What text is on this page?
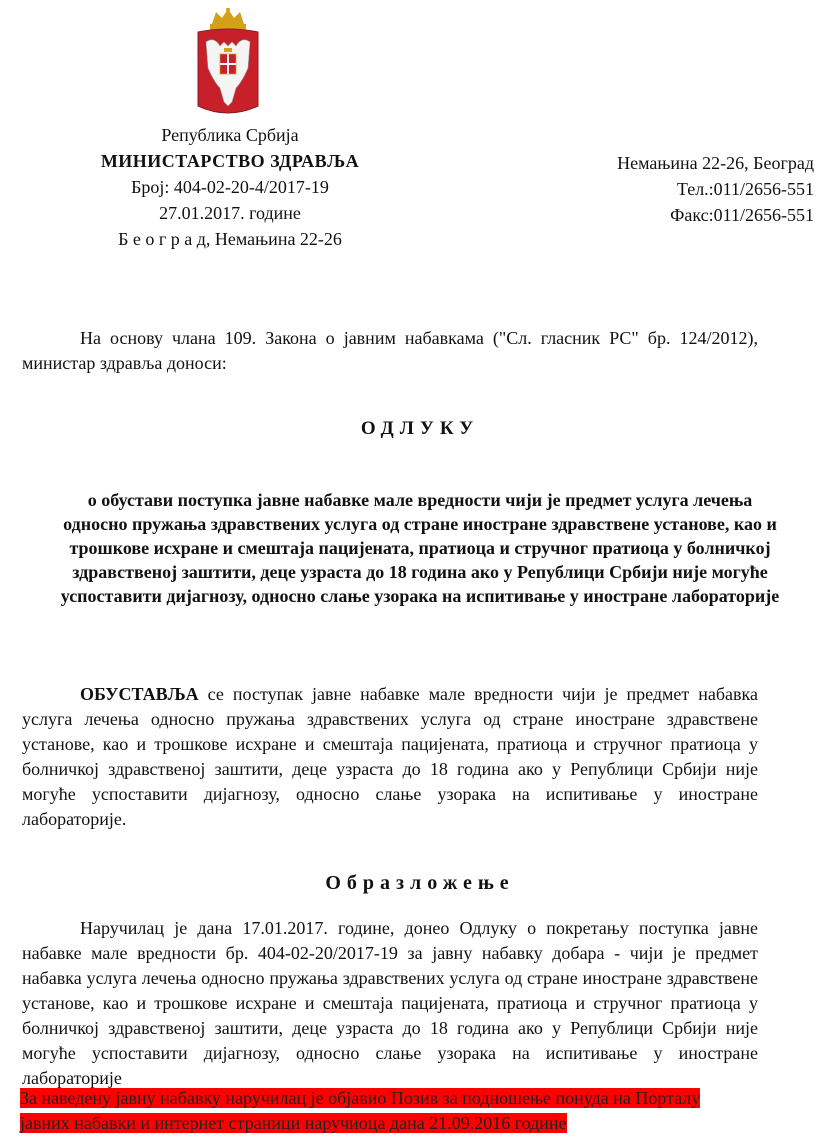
Република Србија
МИНИСТАРСТВО ЗДРАВЉА
Број: 404-02-20-4/2017-19
27.01.2017. године
Б е о г р а д, Немањина 22-26
Немањина 22-26, Београд
Тел.:011/2656-551
Факс:011/2656-551

На основу члана 109. Закона о јавним набавкама ("Сл. гласник РС" бр. 124/2012), министар здравља доноси:

ОДЛУКУ
о обустави поступка јавне набавке мале вредности чији је предмет услуга лечења односно пружања здравствених услуга од стране иностране здравствене установе, као и трошкове исхране и смештаја пацијената, пратиоца и стручног пратиоца у болничкој здравственој заштити, деце узраста до 18 година ако у Републици Србији није могуће успоставити дијагнозу, односно слање узорака на испитивање у иностране лабораторије

ОБУСТАВЉА се поступак јавне набавке мале вредности чији је предмет набавка услуга лечења односно пружања здравствених услуга од стране иностране здравствене установе, као и трошкове исхране и смештаја пацијената, пратиоца и стручног пратиоца у болничкој здравственој заштити, деце узраста до 18 година ако у Републици Србији није могуће успоставити дијагнозу, односно слање узорака на испитивање у иностране лабораторије.

Образложење

Наручилац је дана 17.01.2017. године, донео Одлуку о покретању поступка јавне набавке мале вредности бр. 404-02-20/2017-19 за јавну набавку добара - чији је предмет набавка услуга лечења односно пружања здравствених услуга од стране иностране здравствене установе, као и трошкове исхране и смештаја пацијената, пратиоца и стручног пратиоца у болничкој здравственој заштити, деце узраста до 18 година ако у Републици Србији није могуће успоставити дијагнозу, односно слање узорака на испитивање у иностране лабораторије

За наведену јавну набавку наручилац је објавио Позив за подношење понуда на Порталу јавних набавки и интернет страници наручиоца дана 21.09.2016 године
